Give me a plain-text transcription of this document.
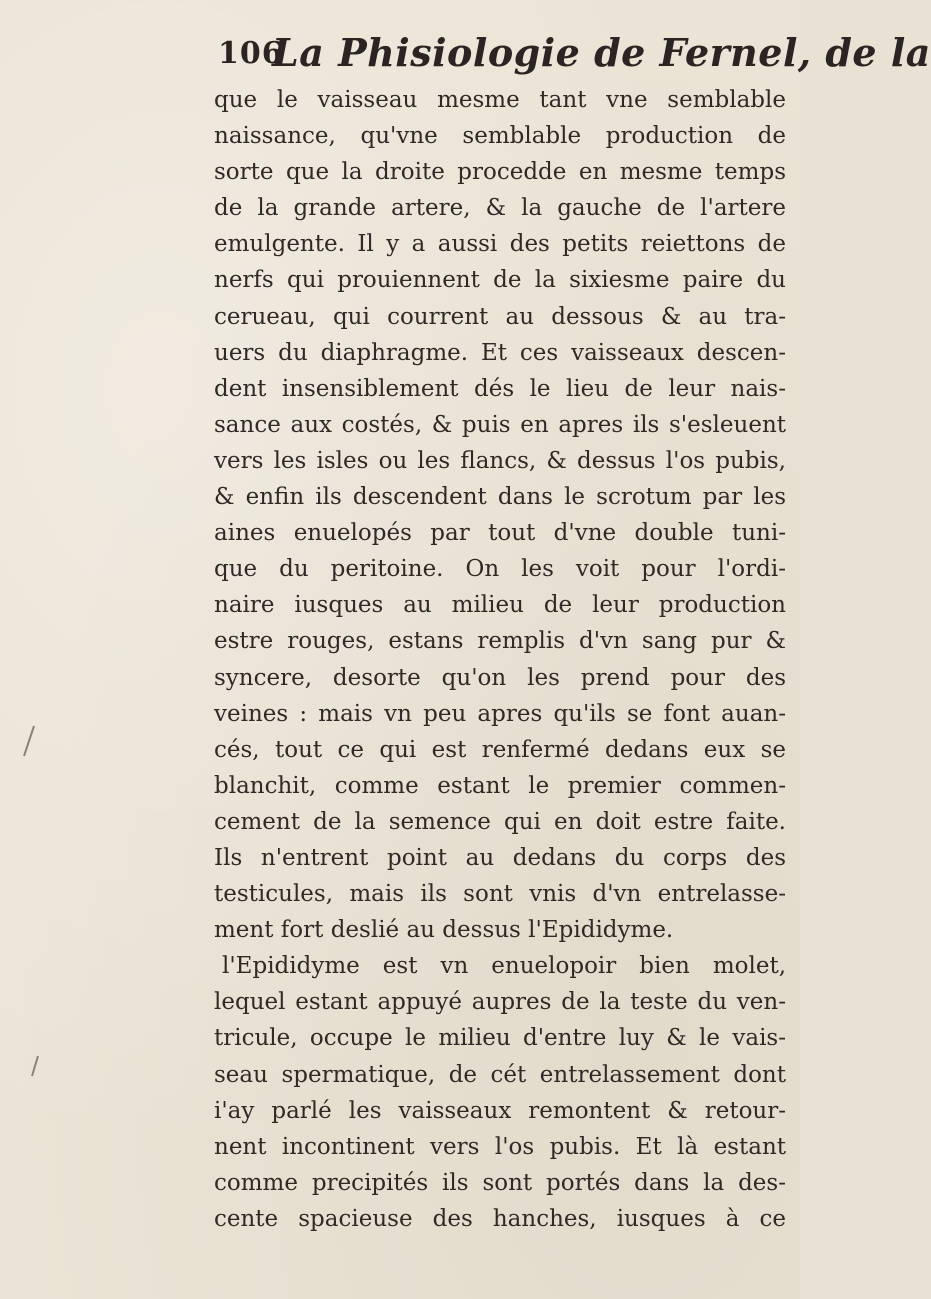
106
La Phisiologie de Fernel, de la
que le vaisseau mesme tant vne semblable
naissance, qu'vne semblable production de
sorte que la droite procedde en mesme temps
de la grande artere, & la gauche de l'artere
emulgente. Il y a aussi des petits reiettons de
nerfs qui prouiennent de la sixiesme paire du
cerueau, qui courrent au dessous & au tra-
uers du diaphragme. Et ces vaisseaux descen-
dent insensiblement dés le lieu de leur nais-
sance aux costés, & puis en apres ils s'esleuent
vers les isles ou les flancs, & dessus l'os pubis,
& enfin ils descendent dans le scrotum par les
aines enuelopés par tout d'vne double tuni-
que du peritoine. On les voit pour l'ordi-
naire iusques au milieu de leur production
estre rouges, estans remplis d'vn sang pur &
syncere, desorte qu'on les prend pour des
veines : mais vn peu apres qu'ils se font auan-
cés, tout ce qui est renfermé dedans eux se
blanchit, comme estant le premier commen-
cement de la semence qui en doit estre faite.
Ils n'entrent point au dedans du corps des
testicules, mais ils sont vnis d'vn entrelasse-
ment fort deslié au dessus l'Epididyme.
l'Epididyme est vn enuelopoir bien molet,
lequel estant appuyé aupres de la teste du ven-
tricule, occupe le milieu d'entre luy & le vais-
seau spermatique, de cét entrelassement dont
i'ay parlé les vaisseaux remontent & retour-
nent incontinent vers l'os pubis. Et là estant
comme precipités ils sont portés dans la des-
cente spacieuse des hanches, iusques à ce
